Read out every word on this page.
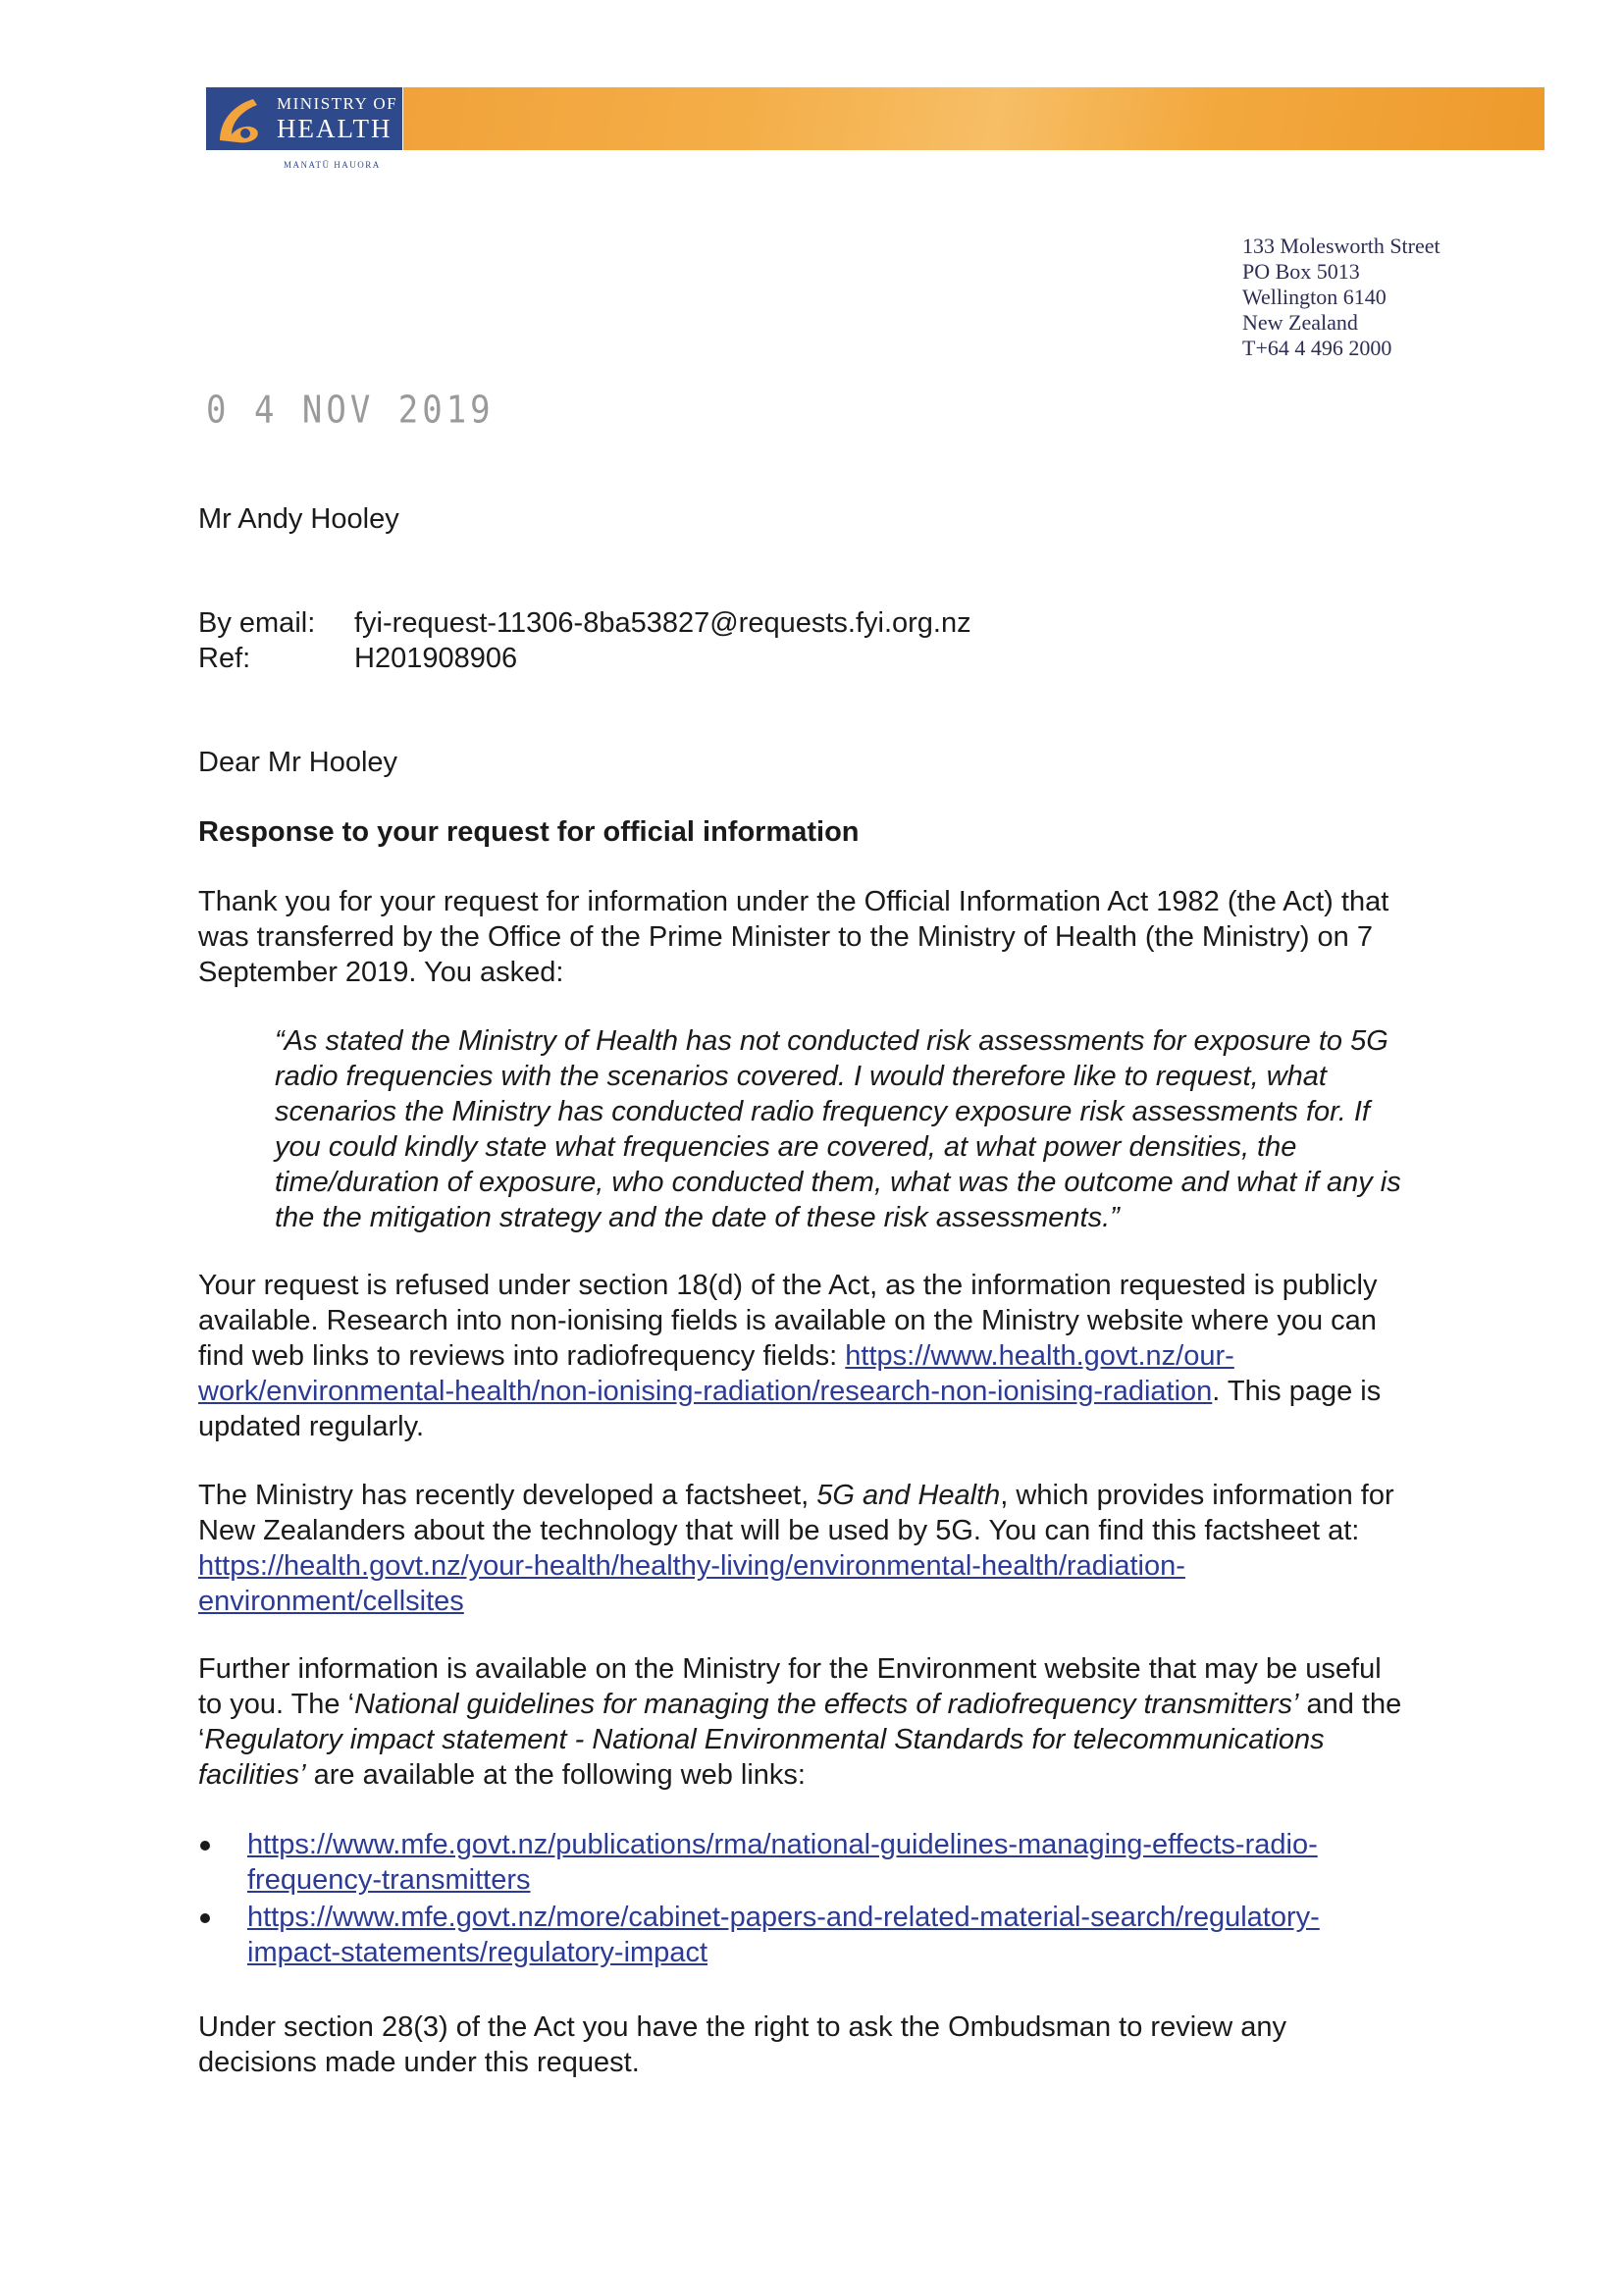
MINISTRY OF
HEALTH
MANATŪ HAUORA
133 Molesworth Street
PO Box 5013
Wellington 6140
New Zealand
T+64 4 496 2000
0 4 NOV 2019
Mr Andy Hooley
By email:	fyi-request-11306-8ba53827@requests.fyi.org.nz
Ref:	H201908906
Dear Mr Hooley
Response to your request for official information
Thank you for your request for information under the Official Information Act 1982 (the Act) that
was transferred by the Office of the Prime Minister to the Ministry of Health (the Ministry) on 7
September 2019. You asked:
“As stated the Ministry of Health has not conducted risk assessments for exposure to 5G
radio frequencies with the scenarios covered. I would therefore like to request, what
scenarios the Ministry has conducted radio frequency exposure risk assessments for. If
you could kindly state what frequencies are covered, at what power densities, the
time/duration of exposure, who conducted them, what was the outcome and what if any is
the the mitigation strategy and the date of these risk assessments.”
Your request is refused under section 18(d) of the Act, as the information requested is publicly
available. Research into non-ionising fields is available on the Ministry website where you can
find web links to reviews into radiofrequency fields: https://www.health.govt.nz/our-
work/environmental-health/non-ionising-radiation/research-non-ionising-radiation. This page is
updated regularly.
The Ministry has recently developed a factsheet, 5G and Health, which provides information for
New Zealanders about the technology that will be used by 5G. You can find this factsheet at:
https://health.govt.nz/your-health/healthy-living/environmental-health/radiation-
environment/cellsites
Further information is available on the Ministry for the Environment website that may be useful
to you. The ‘National guidelines for managing the effects of radiofrequency transmitters’ and the
‘Regulatory impact statement - National Environmental Standards for telecommunications
facilities’ are available at the following web links:
https://www.mfe.govt.nz/publications/rma/national-guidelines-managing-effects-radio-
frequency-transmitters
https://www.mfe.govt.nz/more/cabinet-papers-and-related-material-search/regulatory-
impact-statements/regulatory-impact
Under section 28(3) of the Act you have the right to ask the Ombudsman to review any
decisions made under this request.
